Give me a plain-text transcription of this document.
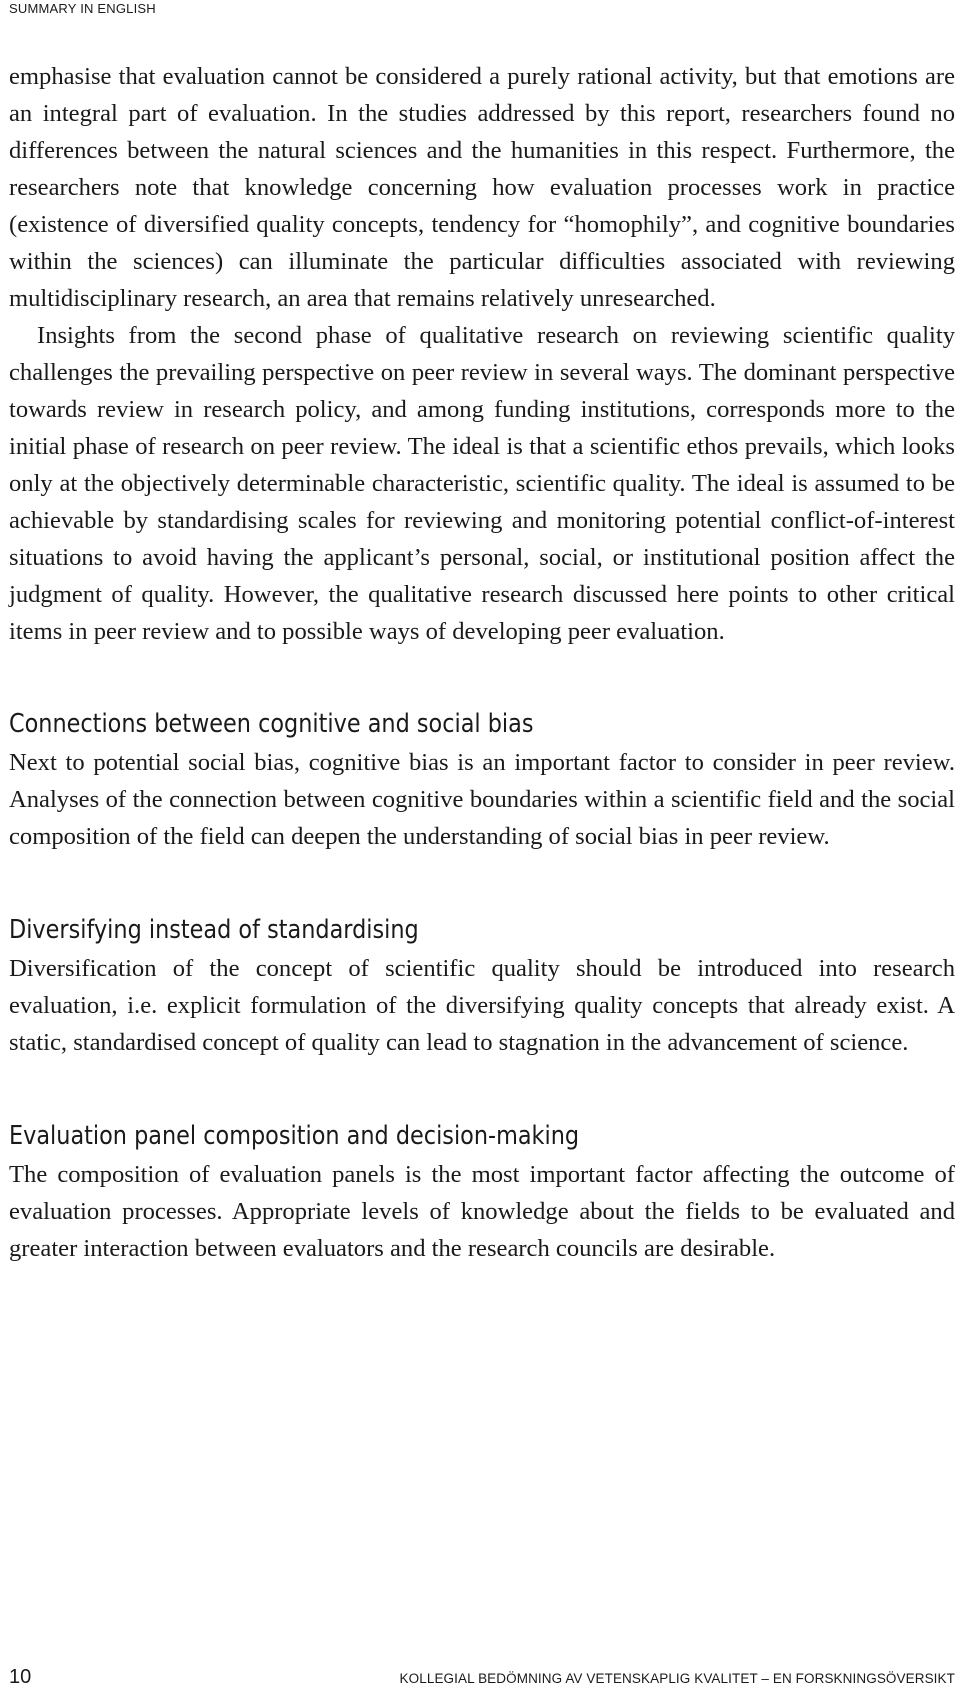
SUMMARY IN ENGLISH

emphasise that evaluation cannot be considered a purely rational activity, but that emotions are an integral part of evaluation. In the studies addressed by this report, researchers found no differences between the natural sciences and the humanities in this respect. Furthermore, the researchers note that knowledge concerning how evaluation processes work in practice (existence of diversified quality concepts, tendency for “homophily”, and cognitive boundaries within the sciences) can illuminate the particular difficulties associated with reviewing multidisciplinary research, an area that remains relatively unresearched.

Insights from the second phase of qualitative research on reviewing scientific quality challenges the prevailing perspective on peer review in several ways. The dominant perspective towards review in research policy, and among funding institutions, corresponds more to the initial phase of research on peer review. The ideal is that a scientific ethos prevails, which looks only at the objectively determinable characteristic, scientific quality. The ideal is assumed to be achievable by standardising scales for reviewing and monitoring potential conflict-of-interest situations to avoid having the applicant’s personal, social, or institutional position affect the judgment of quality. However, the qualitative research discussed here points to other critical items in peer review and to possible ways of developing peer evaluation.

Connections between cognitive and social bias

Next to potential social bias, cognitive bias is an important factor to consider in peer review. Analyses of the connection between cognitive boundaries within a scientific field and the social composition of the field can deepen the understanding of social bias in peer review.

Diversifying instead of standardising

Diversification of the concept of scientific quality should be introduced into research evaluation, i.e. explicit formulation of the diversifying quality concepts that already exist. A static, standardised concept of quality can lead to stagnation in the advancement of science.

Evaluation panel composition and decision-making

The composition of evaluation panels is the most important factor affecting the outcome of evaluation processes. Appropriate levels of knowledge about the fields to be evaluated and greater interaction between evaluators and the research councils are desirable.

10	KOLLEGIAL BEDÖMNING AV VETENSKAPLIG KVALITET – EN FORSKNINGSÖVERSIKT
